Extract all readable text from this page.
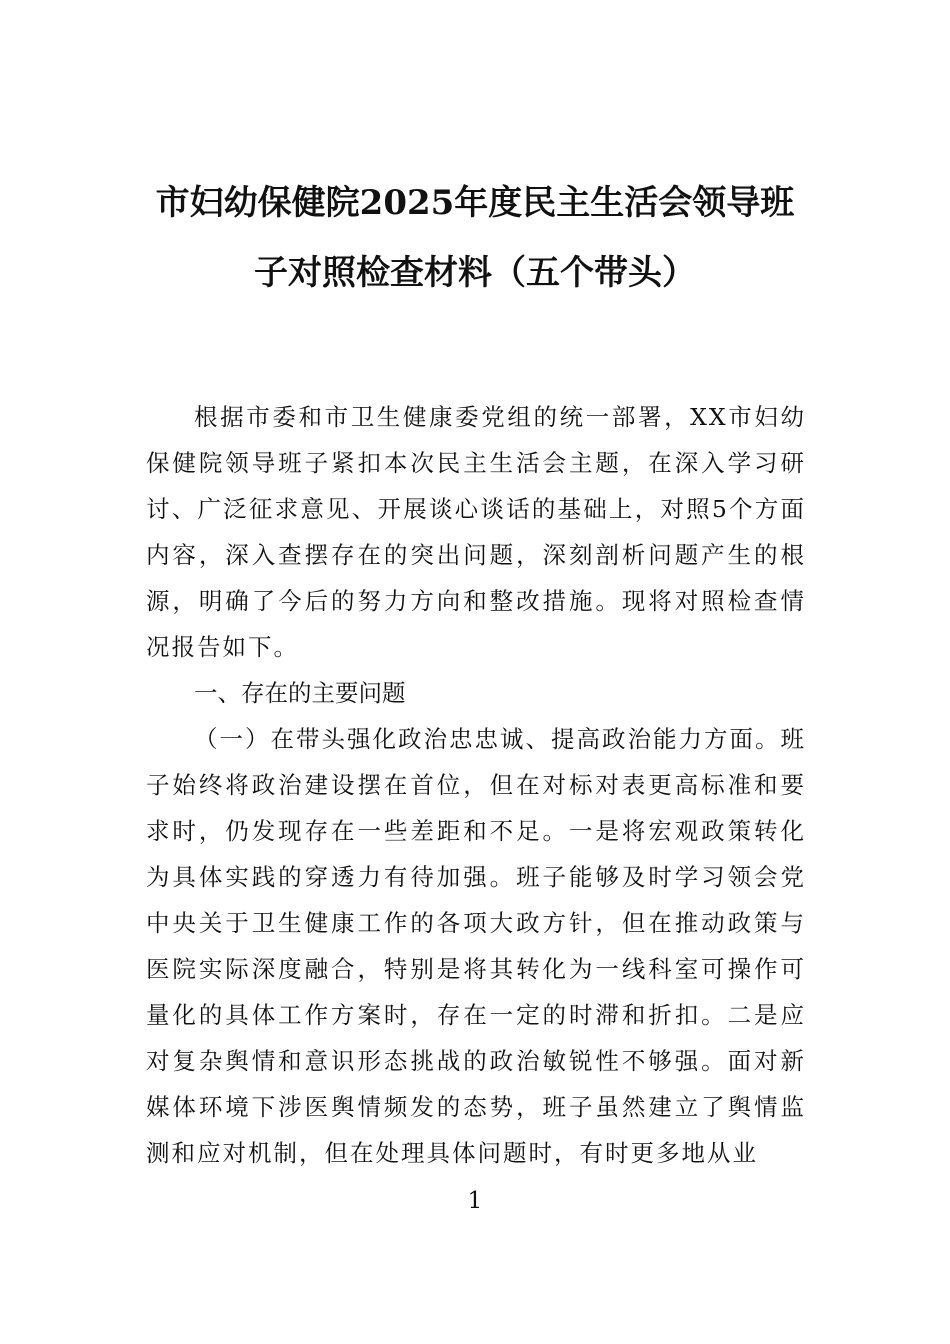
市妇幼保健院2025年度民主生活会领导班
子对照检查材料（五个带头）

根据市委和市卫生健康委党组的统一部署，XX市妇幼保健院领导班子紧扣本次民主生活会主题，在深入学习研讨、广泛征求意见、开展谈心谈话的基础上，对照5个方面内容，深入查摆存在的突出问题，深刻剖析问题产生的根源，明确了今后的努力方向和整改措施。现将对照检查情况报告如下。

一、存在的主要问题

（一）在带头强化政治忠忠诚、提高政治能力方面。班子始终将政治建设摆在首位，但在对标对表更高标准和要求时，仍发现存在一些差距和不足。一是将宏观政策转化为具体实践的穿透力有待加强。班子能够及时学习领会党中央关于卫生健康工作的各项大政方针，但在推动政策与医院实际深度融合，特别是将其转化为一线科室可操作可量化的具体工作方案时，存在一定的时滞和折扣。二是应对复杂舆情和意识形态挑战的政治敏锐性不够强。面对新媒体环境下涉医舆情频发的态势，班子虽然建立了舆情监测和应对机制，但在处理具体问题时，有时更多地从业

1
